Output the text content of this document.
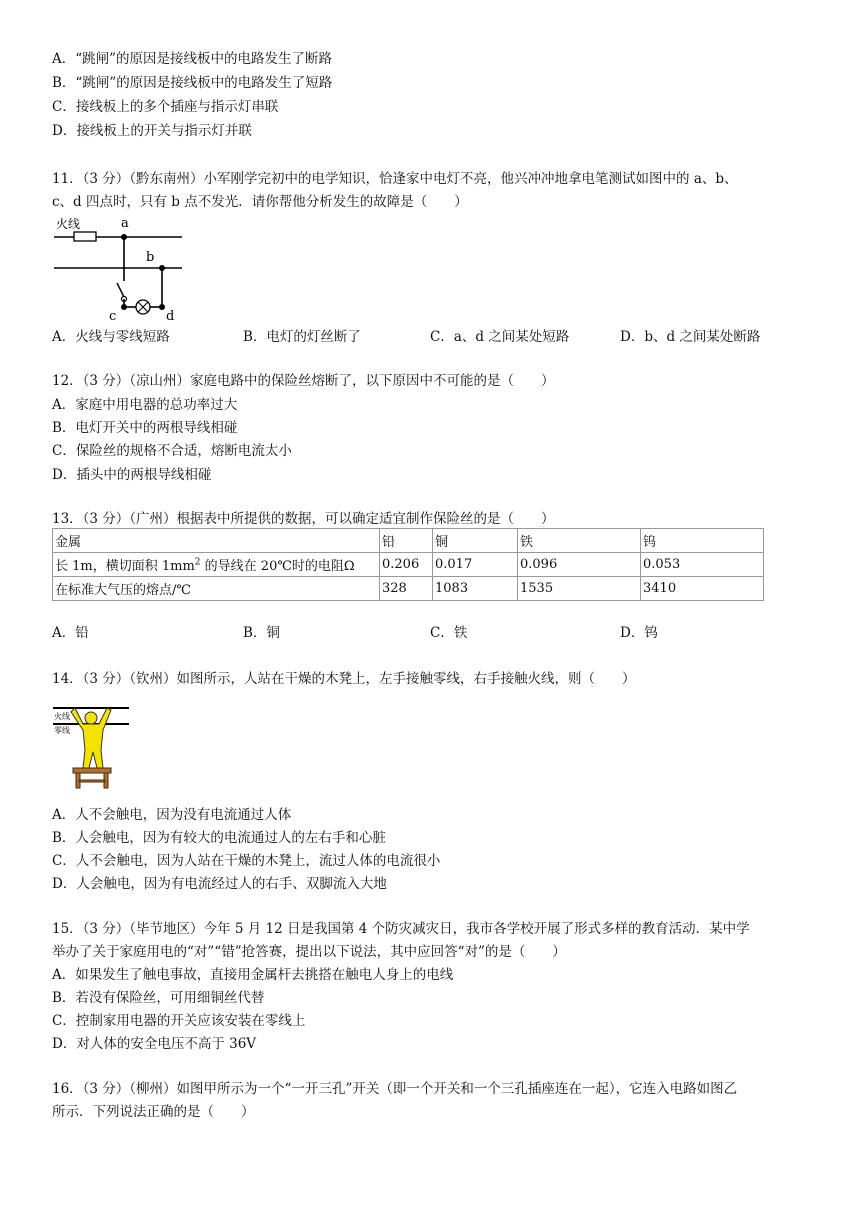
A．“跳闸”的原因是接线板中的电路发生了断路
B．“跳闸”的原因是接线板中的电路发生了短路
C．接线板上的多个插座与指示灯串联
D．接线板上的开关与指示灯并联
11．（3 分）（黔东南州）小军刚学完初中的电学知识，恰逢家中电灯不亮，他兴冲冲地拿电笔测试如图中的 a、b、
c、d 四点时，只有 b 点不发光．请你帮他分析发生的故障是（　　）
火线	a
b
c	d
A．火线与零线短路	B．电灯的灯丝断了	C．a、d 之间某处短路	D．b、d 之间某处断路
12．（3 分）（凉山州）家庭电路中的保险丝熔断了，以下原因中不可能的是（　　）
A．家庭中用电器的总功率过大
B．电灯开关中的两根导线相碰
C．保险丝的规格不合适，熔断电流太小
D．插头中的两根导线相碰
13．（3 分）（广州）根据表中所提供的数据，可以确定适宜制作保险丝的是（　　）
金属	铅	铜	铁	钨
长 1m，横切面积 $1mm^2$ 的导线在 20℃时的电阻Ω	0.206	0.017	0.096	0.053
在标准大气压的熔点/℃	328	1083	1535	3410
A．铅	B．铜	C．铁	D．钨
14．（3 分）（钦州）如图所示，人站在干燥的木凳上，左手接触零线，右手接触火线，则（　　）
火线
零线
A．人不会触电，因为没有电流通过人体
B．人会触电，因为有较大的电流通过人的左右手和心脏
C．人不会触电，因为人站在干燥的木凳上，流过人体的电流很小
D．人会触电，因为有电流经过人的右手、双脚流入大地
15．（3 分）（毕节地区）今年 5 月 12 日是我国第 4 个防灾减灾日，我市各学校开展了形式多样的教育活动．某中学
举办了关于家庭用电的“对”“错”抢答赛，提出以下说法，其中应回答“对”的是（　　）
A．如果发生了触电事故，直接用金属杆去挑搭在触电人身上的电线
B．若没有保险丝，可用细铜丝代替
C．控制家用电器的开关应该安装在零线上
D．对人体的安全电压不高于 36V
16．（3 分）（柳州）如图甲所示为一个“一开三孔”开关（即一个开关和一个三孔插座连在一起），它连入电路如图乙
所示．下列说法正确的是（　　）
